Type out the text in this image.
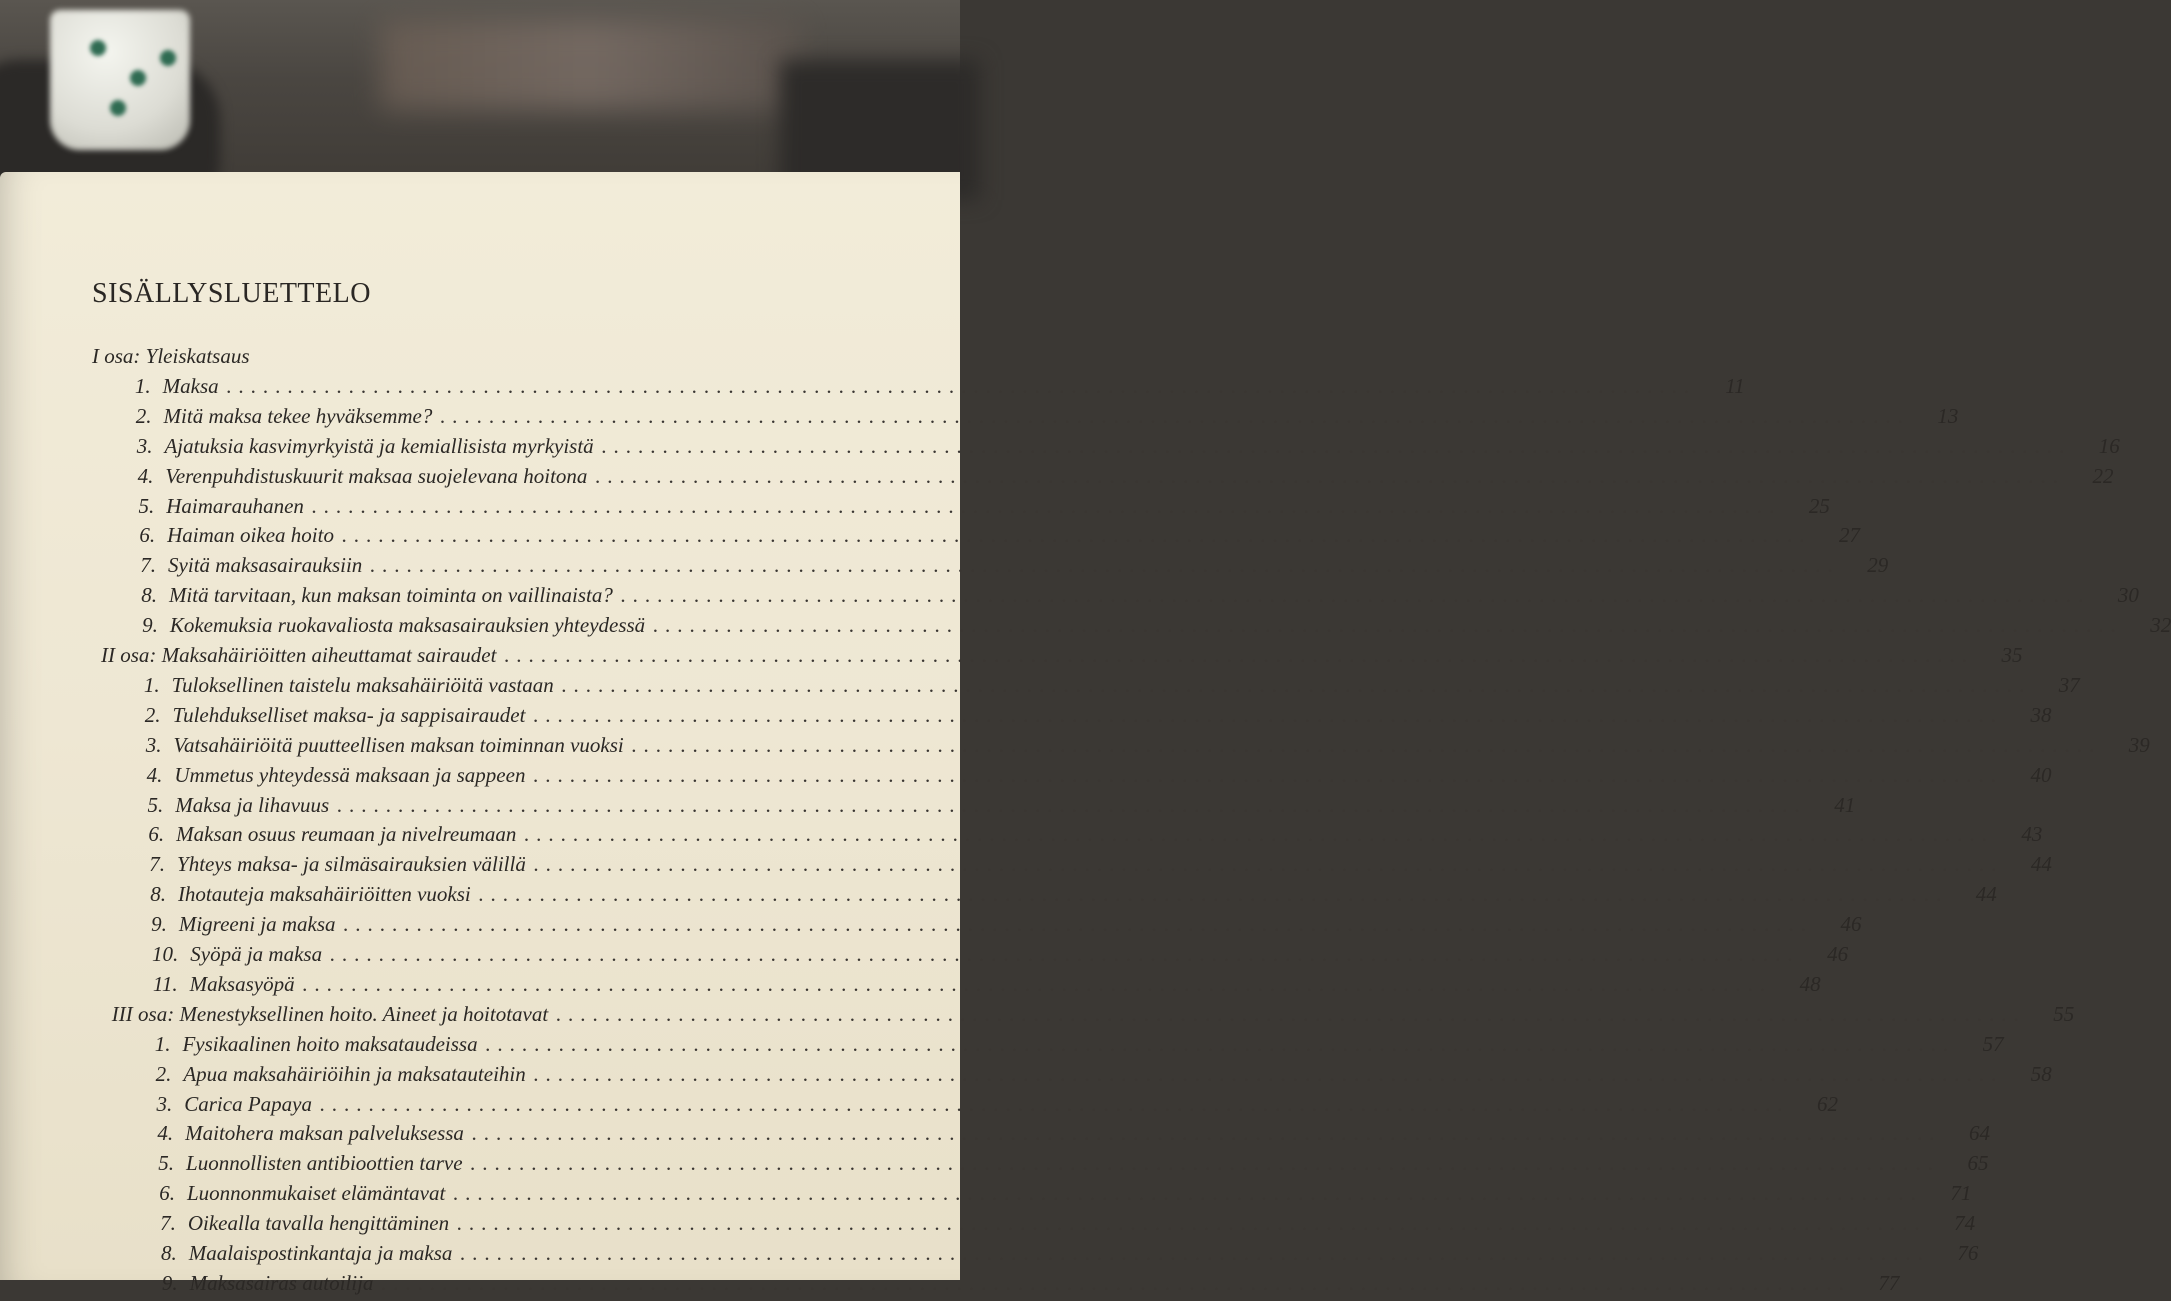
SISÄLLYSLUETTELO
I osa: Yleiskatsaus
1. Maksa ........................................................................................................................	11
2. Mitä maksa tekee hyväksemme? ........................................................................................................................	13
3. Ajatuksia kasvimyrkyistä ja kemiallisista myrkyistä ........................................................................................................................	16
4. Verenpuhdistuskuurit maksaa suojelevana hoitona ........................................................................................................................	22
5. Haimarauhanen ........................................................................................................................	25
6. Haiman oikea hoito ........................................................................................................................	27
7. Syitä maksasairauksiin ........................................................................................................................	29
8. Mitä tarvitaan, kun maksan toiminta on vaillinaista? ........................................................................................................................	30
9. Kokemuksia ruokavaliosta maksasairauksien yhteydessä ........................................................................................................................	32
II osa: Maksahäiriöitten aiheuttamat sairaudet ........................................................................................................................	35
1. Tuloksellinen taistelu maksahäiriöitä vastaan ........................................................................................................................	37
2. Tulehdukselliset maksa- ja sappisairaudet ........................................................................................................................	38
3. Vatsahäiriöitä puutteellisen maksan toiminnan vuoksi ........................................................................................................................	39
4. Ummetus yhteydessä maksaan ja sappeen ........................................................................................................................	40
5. Maksa ja lihavuus ........................................................................................................................	41
6. Maksan osuus reumaan ja nivelreumaan ........................................................................................................................	43
7. Yhteys maksa- ja silmäsairauksien välillä ........................................................................................................................	44
8. Ihotauteja maksahäiriöitten vuoksi ........................................................................................................................	44
9. Migreeni ja maksa ........................................................................................................................	46
10. Syöpä ja maksa ........................................................................................................................	46
11. Maksasyöpä ........................................................................................................................	48
III osa: Menestyksellinen hoito. Aineet ja hoitotavat ........................................................................................................................	55
1. Fysikaalinen hoito maksataudeissa ........................................................................................................................	57
2. Apua maksahäiriöihin ja maksatauteihin ........................................................................................................................	58
3. Carica Papaya ........................................................................................................................	62
4. Maitohera maksan palveluksessa ........................................................................................................................	64
5. Luonnollisten antibioottien tarve ........................................................................................................................	65
6. Luonnonmukaiset elämäntavat ........................................................................................................................	71
7. Oikealla tavalla hengittäminen ........................................................................................................................	74
8. Maalaispostinkantaja ja maksa ........................................................................................................................	76
9. Maksasairas autoilija ........................................................................................................................	77
